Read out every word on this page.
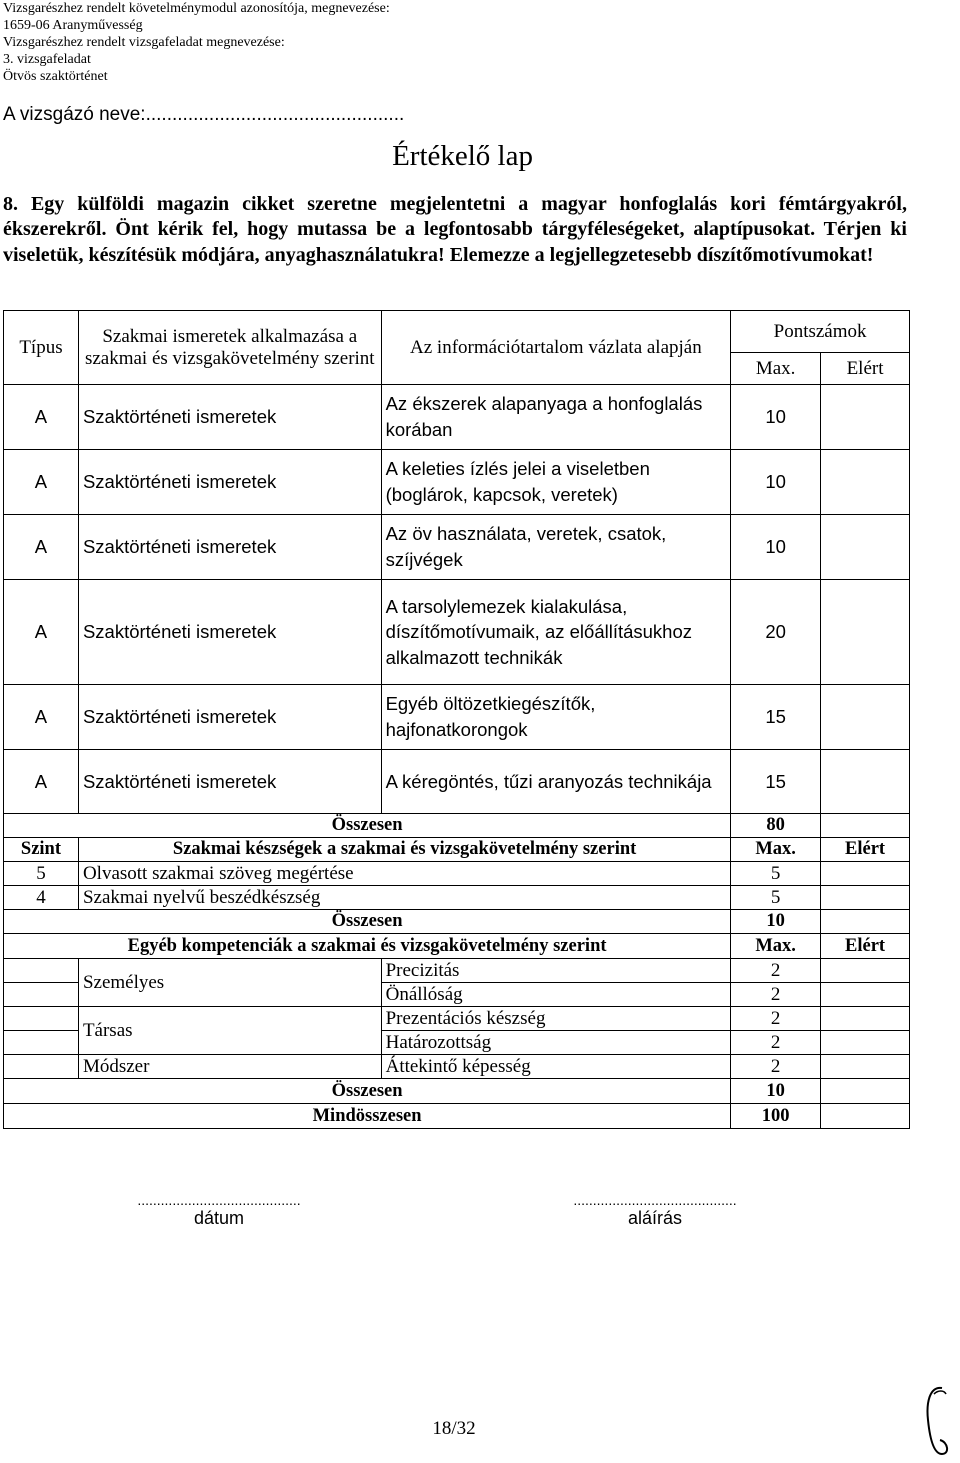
Vizsgarészhez rendelt követelménymodul azonosítója, megnevezése:
1659-06 Aranyművesség
Vizsgarészhez rendelt vizsgafeladat megnevezése:
3. vizsgafeladat
Ötvös szaktörténet
A vizsgázó neve:.................................................
Értékelő lap
8. Egy külföldi magazin cikket szeretne megjelentetni a magyar honfoglalás kori fémtárgyakról, ékszerekről. Önt kérik fel, hogy mutassa be a legfontosabb tárgyféleségeket, alaptípusokat. Térjen ki viseletük, készítésük módjára, anyaghasználatukra! Elemezze a legjellegzetesebb díszítőmotívumokat!
Típus	Szakmai ismeretek alkalmazása a szakmai és vizsgakövetelmény szerint	Az információtartalom vázlata alapján	Pontszámok	
			Max.	Elért
A	Szaktörténeti ismeretek	Az ékszerek alapanyaga a honfoglalás korában	10	
A	Szaktörténeti ismeretek	A keleties ízlés jelei a viseletben (boglárok, kapcsok, veretek)	10	
A	Szaktörténeti ismeretek	Az öv használata, veretek, csatok, szíjvégek	10	
A	Szaktörténeti ismeretek	A tarsolylemezek kialakulása, díszítőmotívumaik, az előállításukhoz alkalmazott technikák	20	
A	Szaktörténeti ismeretek	Egyéb öltözetkiegészítők, hajfonatkorongok	15	
A	Szaktörténeti ismeretek	A kéregöntés, tűzi aranyozás technikája	15	
Összesen			80	
Szint	Szakmai készségek a szakmai és vizsgakövetelmény szerint		Max.	Elért
5	Olvasott szakmai szöveg megértése		5	
4	Szakmai nyelvű beszédkészség		5	
Összesen			10	
Egyéb kompetenciák a szakmai és vizsgakövetelmény szerint			Max.	Elért
	Személyes	Precizitás	2	
		Önállóság	2	
	Társas	Prezentációs készség	2	
		Határozottság	2	
	Módszer	Áttekintő képesség	2	
Összesen			10	
Mindösszesen			100	
..........................................
dátum
..........................................
aláírás
18/32
